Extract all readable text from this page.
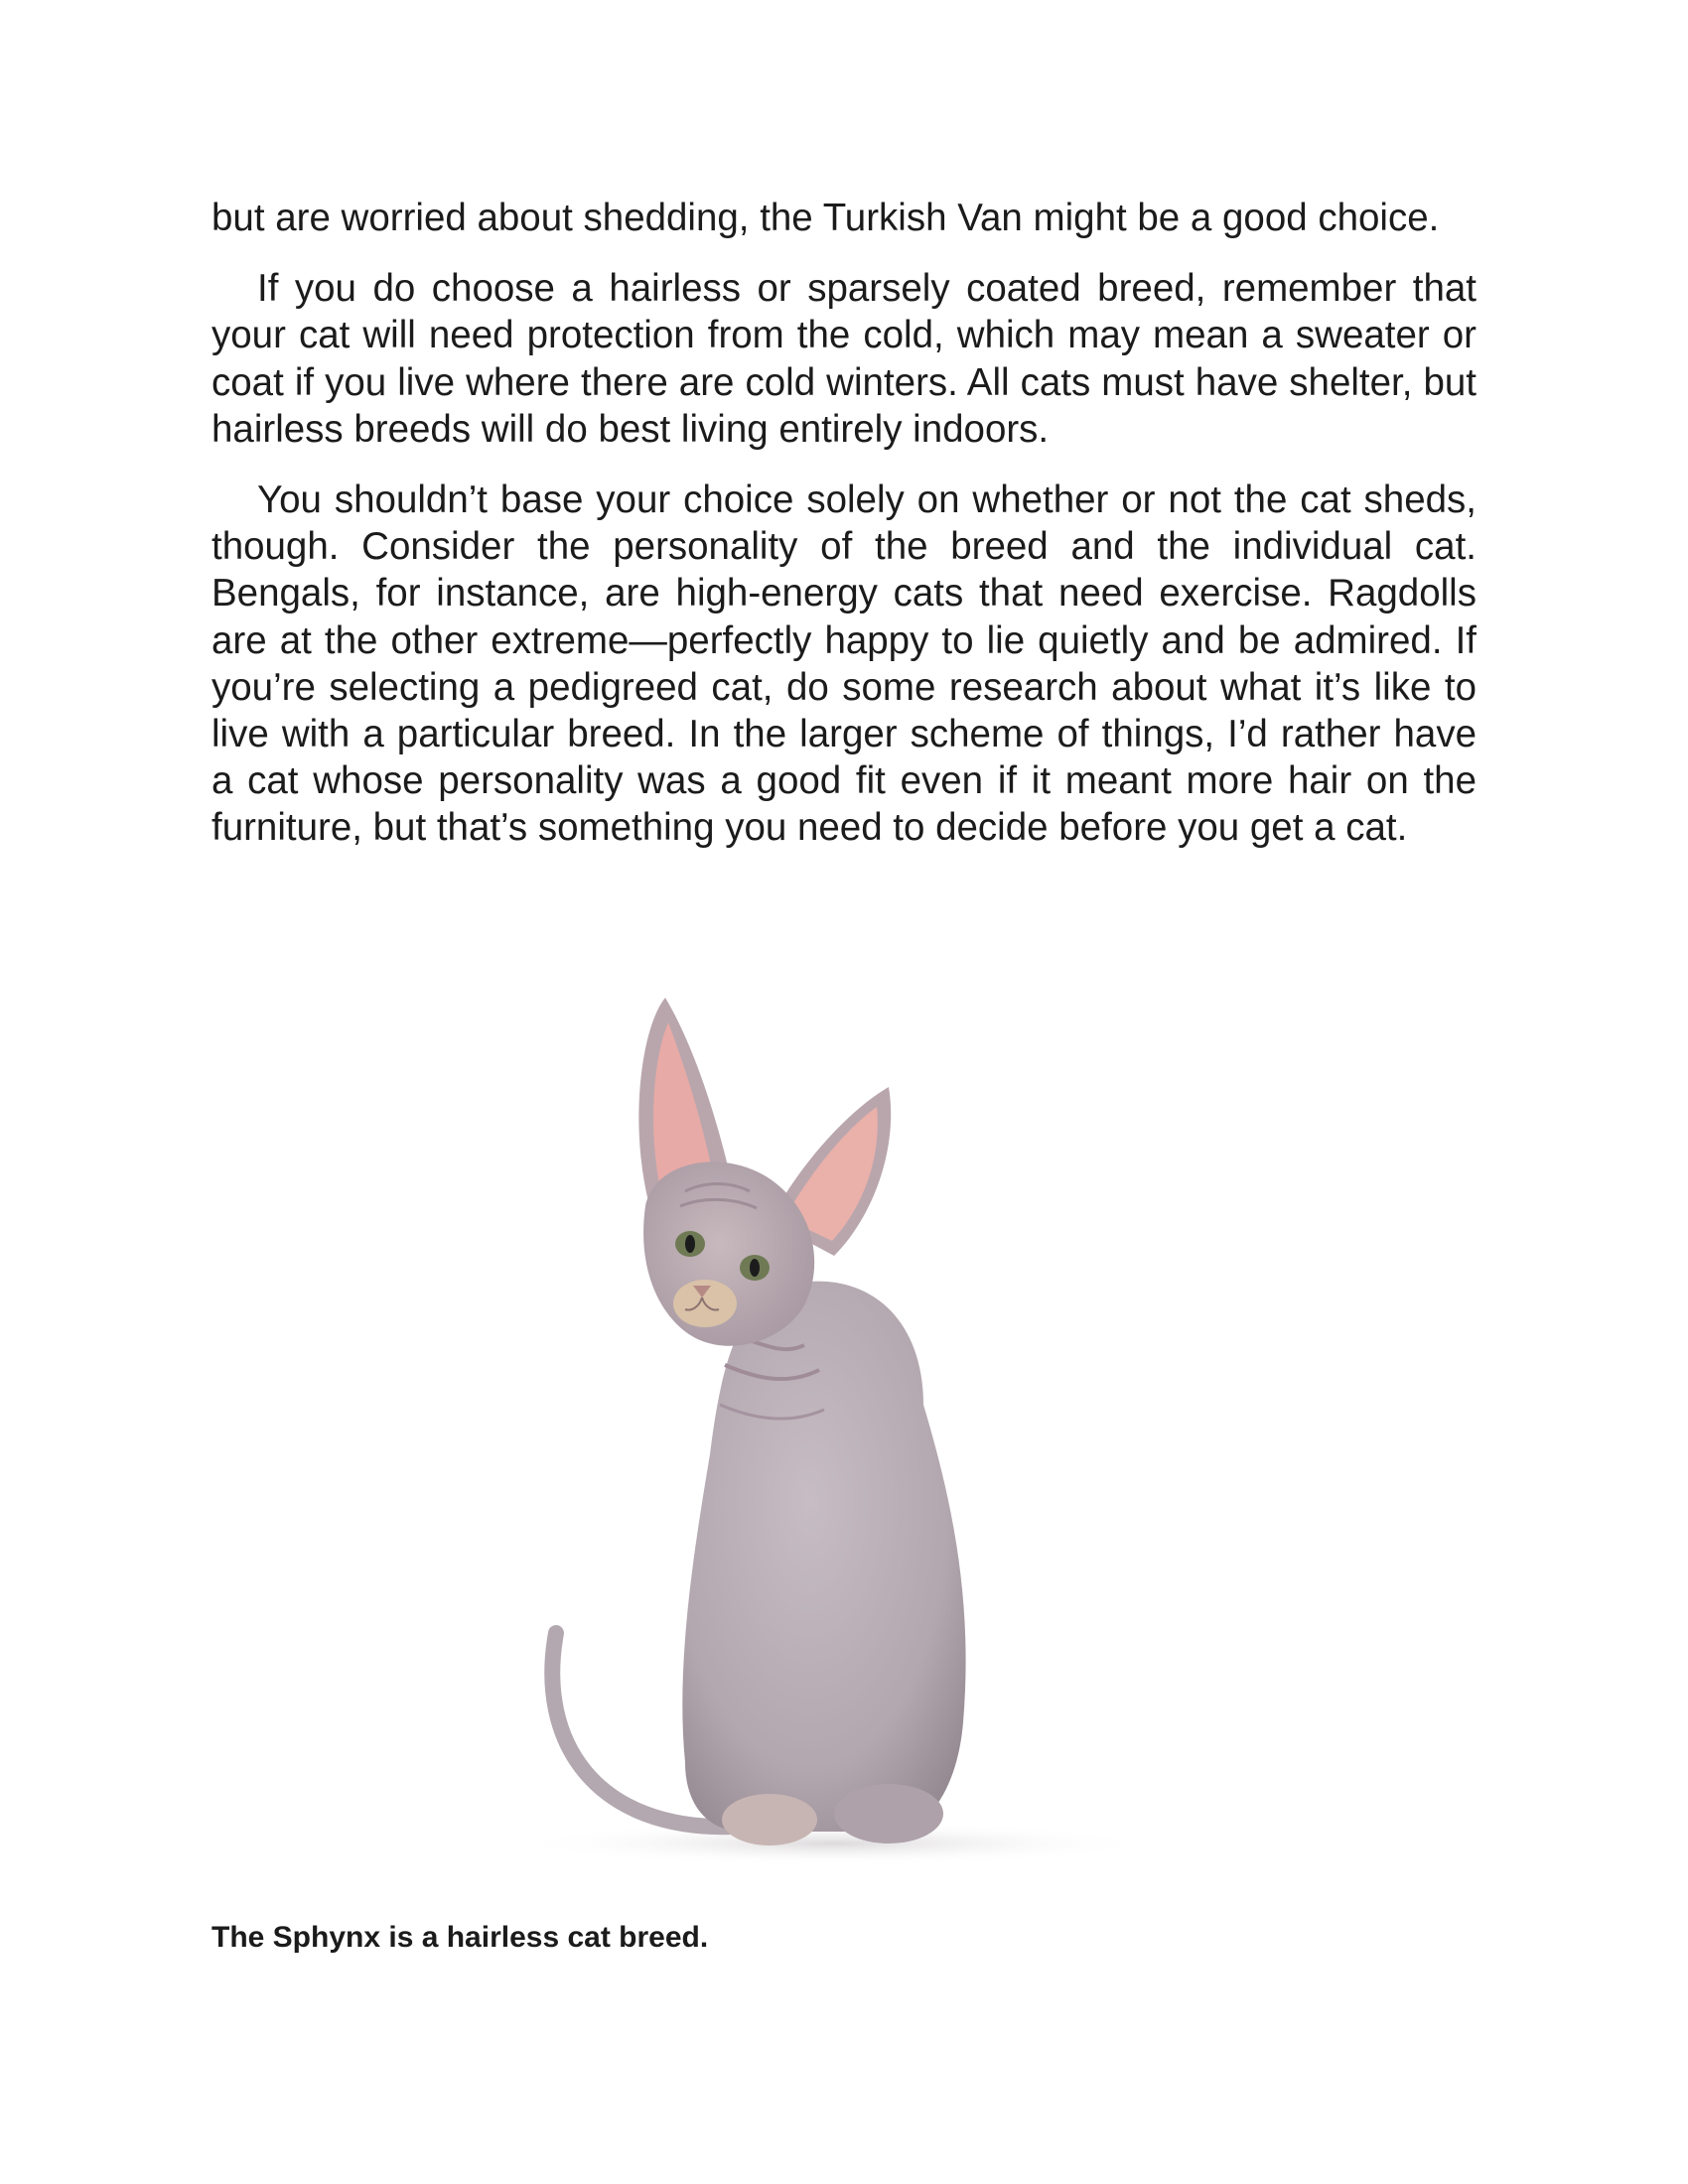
but are worried about shedding, the Turkish Van might be a good choice.

If you do choose a hairless or sparsely coated breed, remember that your cat will need protection from the cold, which may mean a sweater or coat if you live where there are cold winters. All cats must have shelter, but hairless breeds will do best living entirely indoors.

You shouldn’t base your choice solely on whether or not the cat sheds, though. Consider the personality of the breed and the individual cat. Bengals, for instance, are high-energy cats that need exercise. Ragdolls are at the other extreme—perfectly happy to lie quietly and be admired. If you’re selecting a pedigreed cat, do some research about what it’s like to live with a particular breed. In the larger scheme of things, I’d rather have a cat whose personality was a good fit even if it meant more hair on the furniture, but that’s something you need to decide before you get a cat.

The Sphynx is a hairless cat breed.
